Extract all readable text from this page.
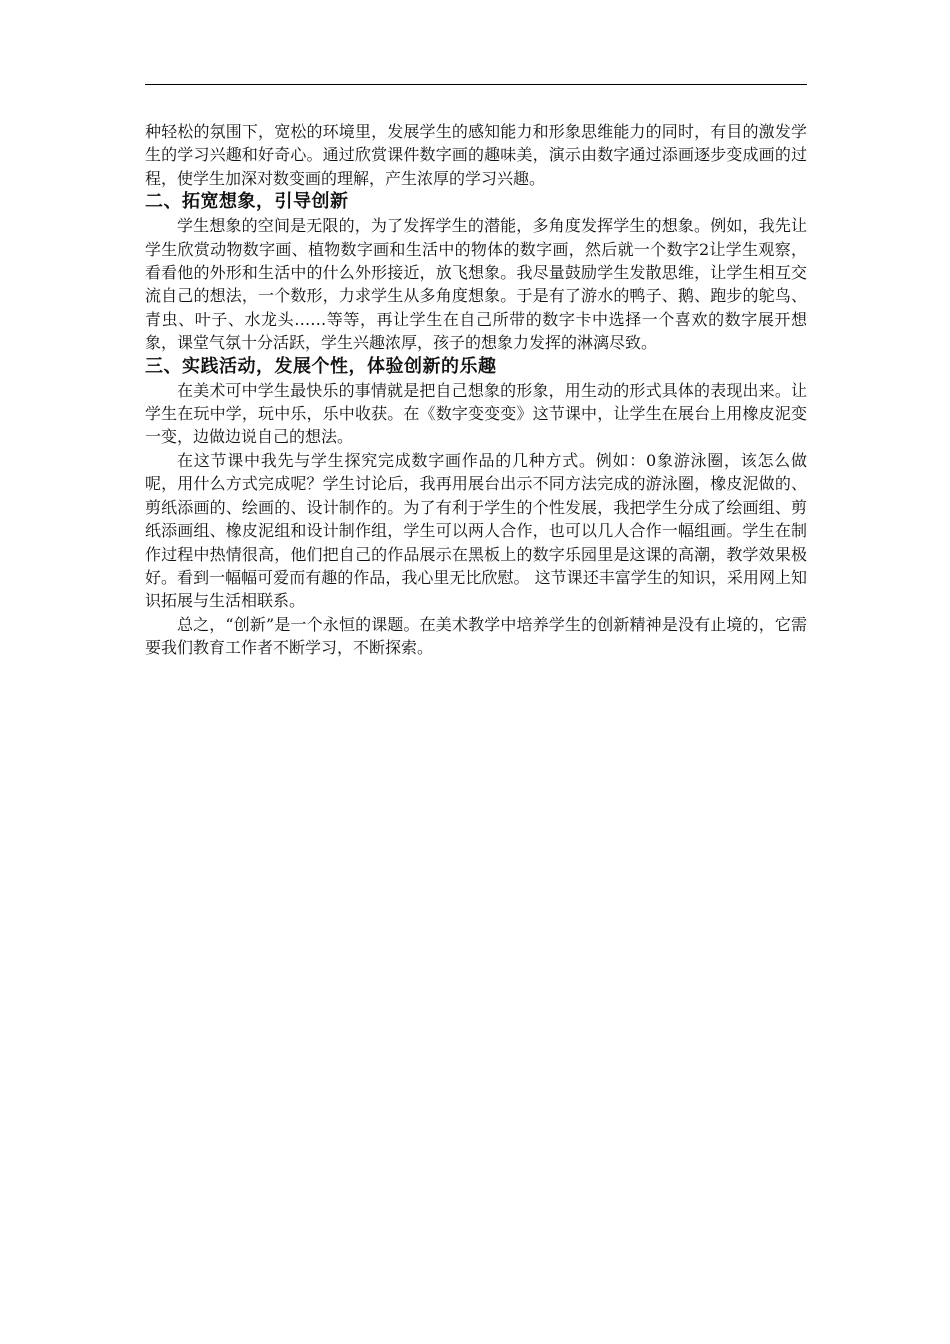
种轻松的氛围下，宽松的环境里，发展学生的感知能力和形象思维能力的同时，有目的激发学生的学习兴趣和好奇心。通过欣赏课件数字画的趣味美，演示由数字通过添画逐步变成画的过程，使学生加深对数变画的理解，产生浓厚的学习兴趣。

二、拓宽想象，引导创新

学生想象的空间是无限的，为了发挥学生的潜能，多角度发挥学生的想象。例如，我先让学生欣赏动物数字画、植物数字画和生活中的物体的数字画，然后就一个数字2让学生观察，看看他的外形和生活中的什么外形接近，放飞想象。我尽量鼓励学生发散思维，让学生相互交流自己的想法，一个数形，力求学生从多角度想象。于是有了游水的鸭子、鹅、跑步的鸵鸟、青虫、叶子、水龙头……等等，再让学生在自己所带的数字卡中选择一个喜欢的数字展开想象，课堂气氛十分活跃，学生兴趣浓厚，孩子的想象力发挥的淋漓尽致。

三、实践活动，发展个性，体验创新的乐趣

在美术可中学生最快乐的事情就是把自己想象的形象，用生动的形式具体的表现出来。让学生在玩中学，玩中乐，乐中收获。在《数字变变变》这节课中，让学生在展台上用橡皮泥变一变，边做边说自己的想法。

在这节课中我先与学生探究完成数字画作品的几种方式。例如：0象游泳圈，该怎么做呢，用什么方式完成呢？学生讨论后，我再用展台出示不同方法完成的游泳圈，橡皮泥做的、剪纸添画的、绘画的、设计制作的。为了有利于学生的个性发展，我把学生分成了绘画组、剪纸添画组、橡皮泥组和设计制作组，学生可以两人合作，也可以几人合作一幅组画。学生在制作过程中热情很高，他们把自己的作品展示在黑板上的数字乐园里是这课的高潮，教学效果极好。看到一幅幅可爱而有趣的作品，我心里无比欣慰。 这节课还丰富学生的知识，采用网上知识拓展与生活相联系。

总之，“创新”是一个永恒的课题。在美术教学中培养学生的创新精神是没有止境的，它需要我们教育工作者不断学习，不断探索。
